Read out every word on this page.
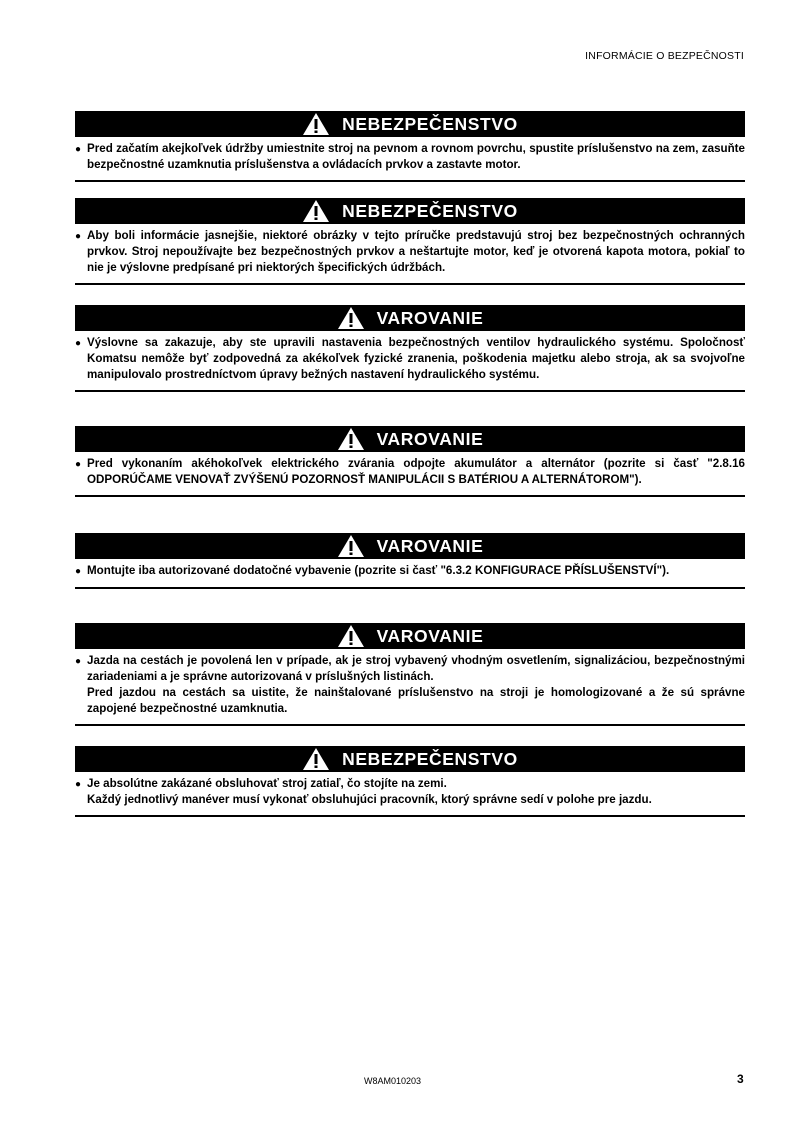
INFORMÁCIE O BEZPEČNOSTI
NEBEZPEČENSTVO
● Pred začatím akejkoľvek údržby umiestnite stroj na pevnom a rovnom povrchu, spustite príslušenstvo na zem, zasuňte bezpečnostné uzamknutia príslušenstva a ovládacích prvkov a zastavte motor.

NEBEZPEČENSTVO
● Aby boli informácie jasnejšie, niektoré obrázky v tejto príručke predstavujú stroj bez bezpečnostných ochranných prvkov. Stroj nepoužívajte bez bezpečnostných prvkov a neštartujte motor, keď je otvorená kapota motora, pokiaľ to nie je výslovne predpísané pri niektorých špecifických údržbách.

VAROVANIE
● Výslovne sa zakazuje, aby ste upravili nastavenia bezpečnostných ventilov hydraulického systému. Spoločnosť Komatsu nemôže byť zodpovedná za akékoľvek fyzické zranenia, poškodenia majetku alebo stroja, ak sa svojvoľne manipulovalo prostredníctvom úpravy bežných nastavení hydraulického systému.

VAROVANIE
● Pred vykonaním akéhokoľvek elektrického zvárania odpojte akumulátor a alternátor (pozrite si časť "2.8.16 ODPORÚČAME VENOVAŤ ZVÝŠENÚ POZORNOSŤ MANIPULÁCII S BATÉRIOU A ALTERNÁTOROM").

VAROVANIE
● Montujte iba autorizované dodatočné vybavenie (pozrite si časť "6.3.2 KONFIGURACE PŘÍSLUŠENSTVÍ").

VAROVANIE
● Jazda na cestách je povolená len v prípade, ak je stroj vybavený vhodným osvetlením, signalizáciou, bezpečnostnými zariadeniami a je správne autorizovaná v príslušných listinách.

Pred jazdou na cestách sa uistite, že nainštalované príslušenstvo na stroji je homologizované a že sú správne zapojené bezpečnostné uzamknutia.

NEBEZPEČENSTVO
● Je absolútne zakázané obsluhovať stroj zatiaľ, čo stojíte na zemi.

Každý jednotlivý manéver musí vykonať obsluhujúci pracovník, ktorý správne sedí v polohe pre jazdu.

W8AM010203	3
